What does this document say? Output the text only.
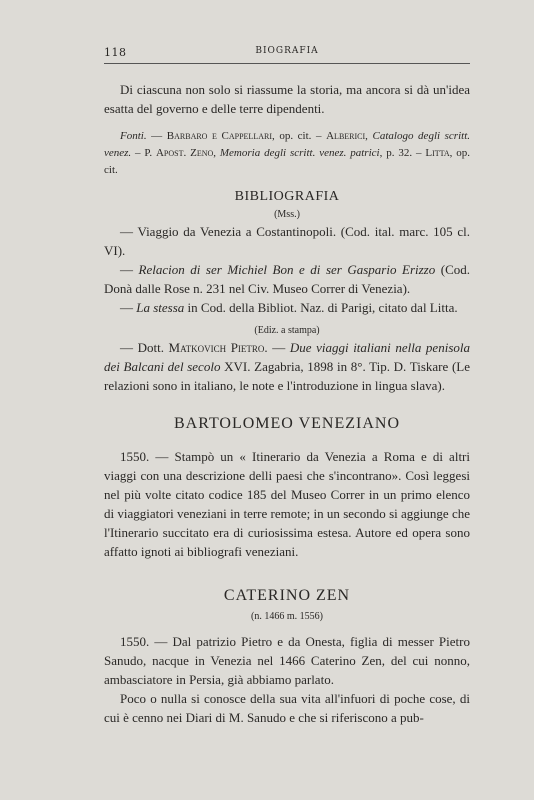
118	BIOGRAFIA

Di ciascuna non solo si riassume la storia, ma ancora si dà un'idea esatta del governo e delle terre dipendenti.

Fonti. — Barbaro e Cappellari, op. cit. – Alberici, Catalogo degli scritt. venez. – P. Apost. Zeno, Memoria degli scritt. venez. patrici, p. 32. – Litta, op. cit.

BIBLIOGRAFIA
(Mss.)

— Viaggio da Venezia a Costantinopoli. (Cod. ital. marc. 105 cl. VI).

— Relacion di ser Michiel Bon e di ser Gaspario Erizzo (Cod. Donà dalle Rose n. 231 nel Civ. Museo Correr di Venezia).

— La stessa in Cod. della Bibliot. Naz. di Parigi, citato dal Litta.

(Ediz. a stampa)

— Dott. Matkovich Pietro. — Due viaggi italiani nella penisola dei Balcani del secolo XVI. Zagabria, 1898 in 8°. Tip. D. Tiskare (Le relazioni sono in italiano, le note e l'introduzione in lingua slava).

BARTOLOMEO VENEZIANO

1550. — Stampò un « Itinerario da Venezia a Roma e di altri viaggi con una descrizione delli paesi che s'incontrano». Così leggesi nel più volte citato codice 185 del Museo Correr in un primo elenco di viaggiatori veneziani in terre remote; in un secondo si aggiunge che l'Itinerario succitato era di curiosissima estesa. Autore ed opera sono affatto ignoti ai bibliografi veneziani.

CATERINO ZEN
(n. 1466 m. 1556)

1550. — Dal patrizio Pietro e da Onesta, figlia di messer Pietro Sanudo, nacque in Venezia nel 1466 Caterino Zen, del cui nonno, ambasciatore in Persia, già abbiamo parlato.

Poco o nulla si conosce della sua vita all'infuori di poche cose, di cui è cenno nei Diari di M. Sanudo e che si riferiscono a pub-
